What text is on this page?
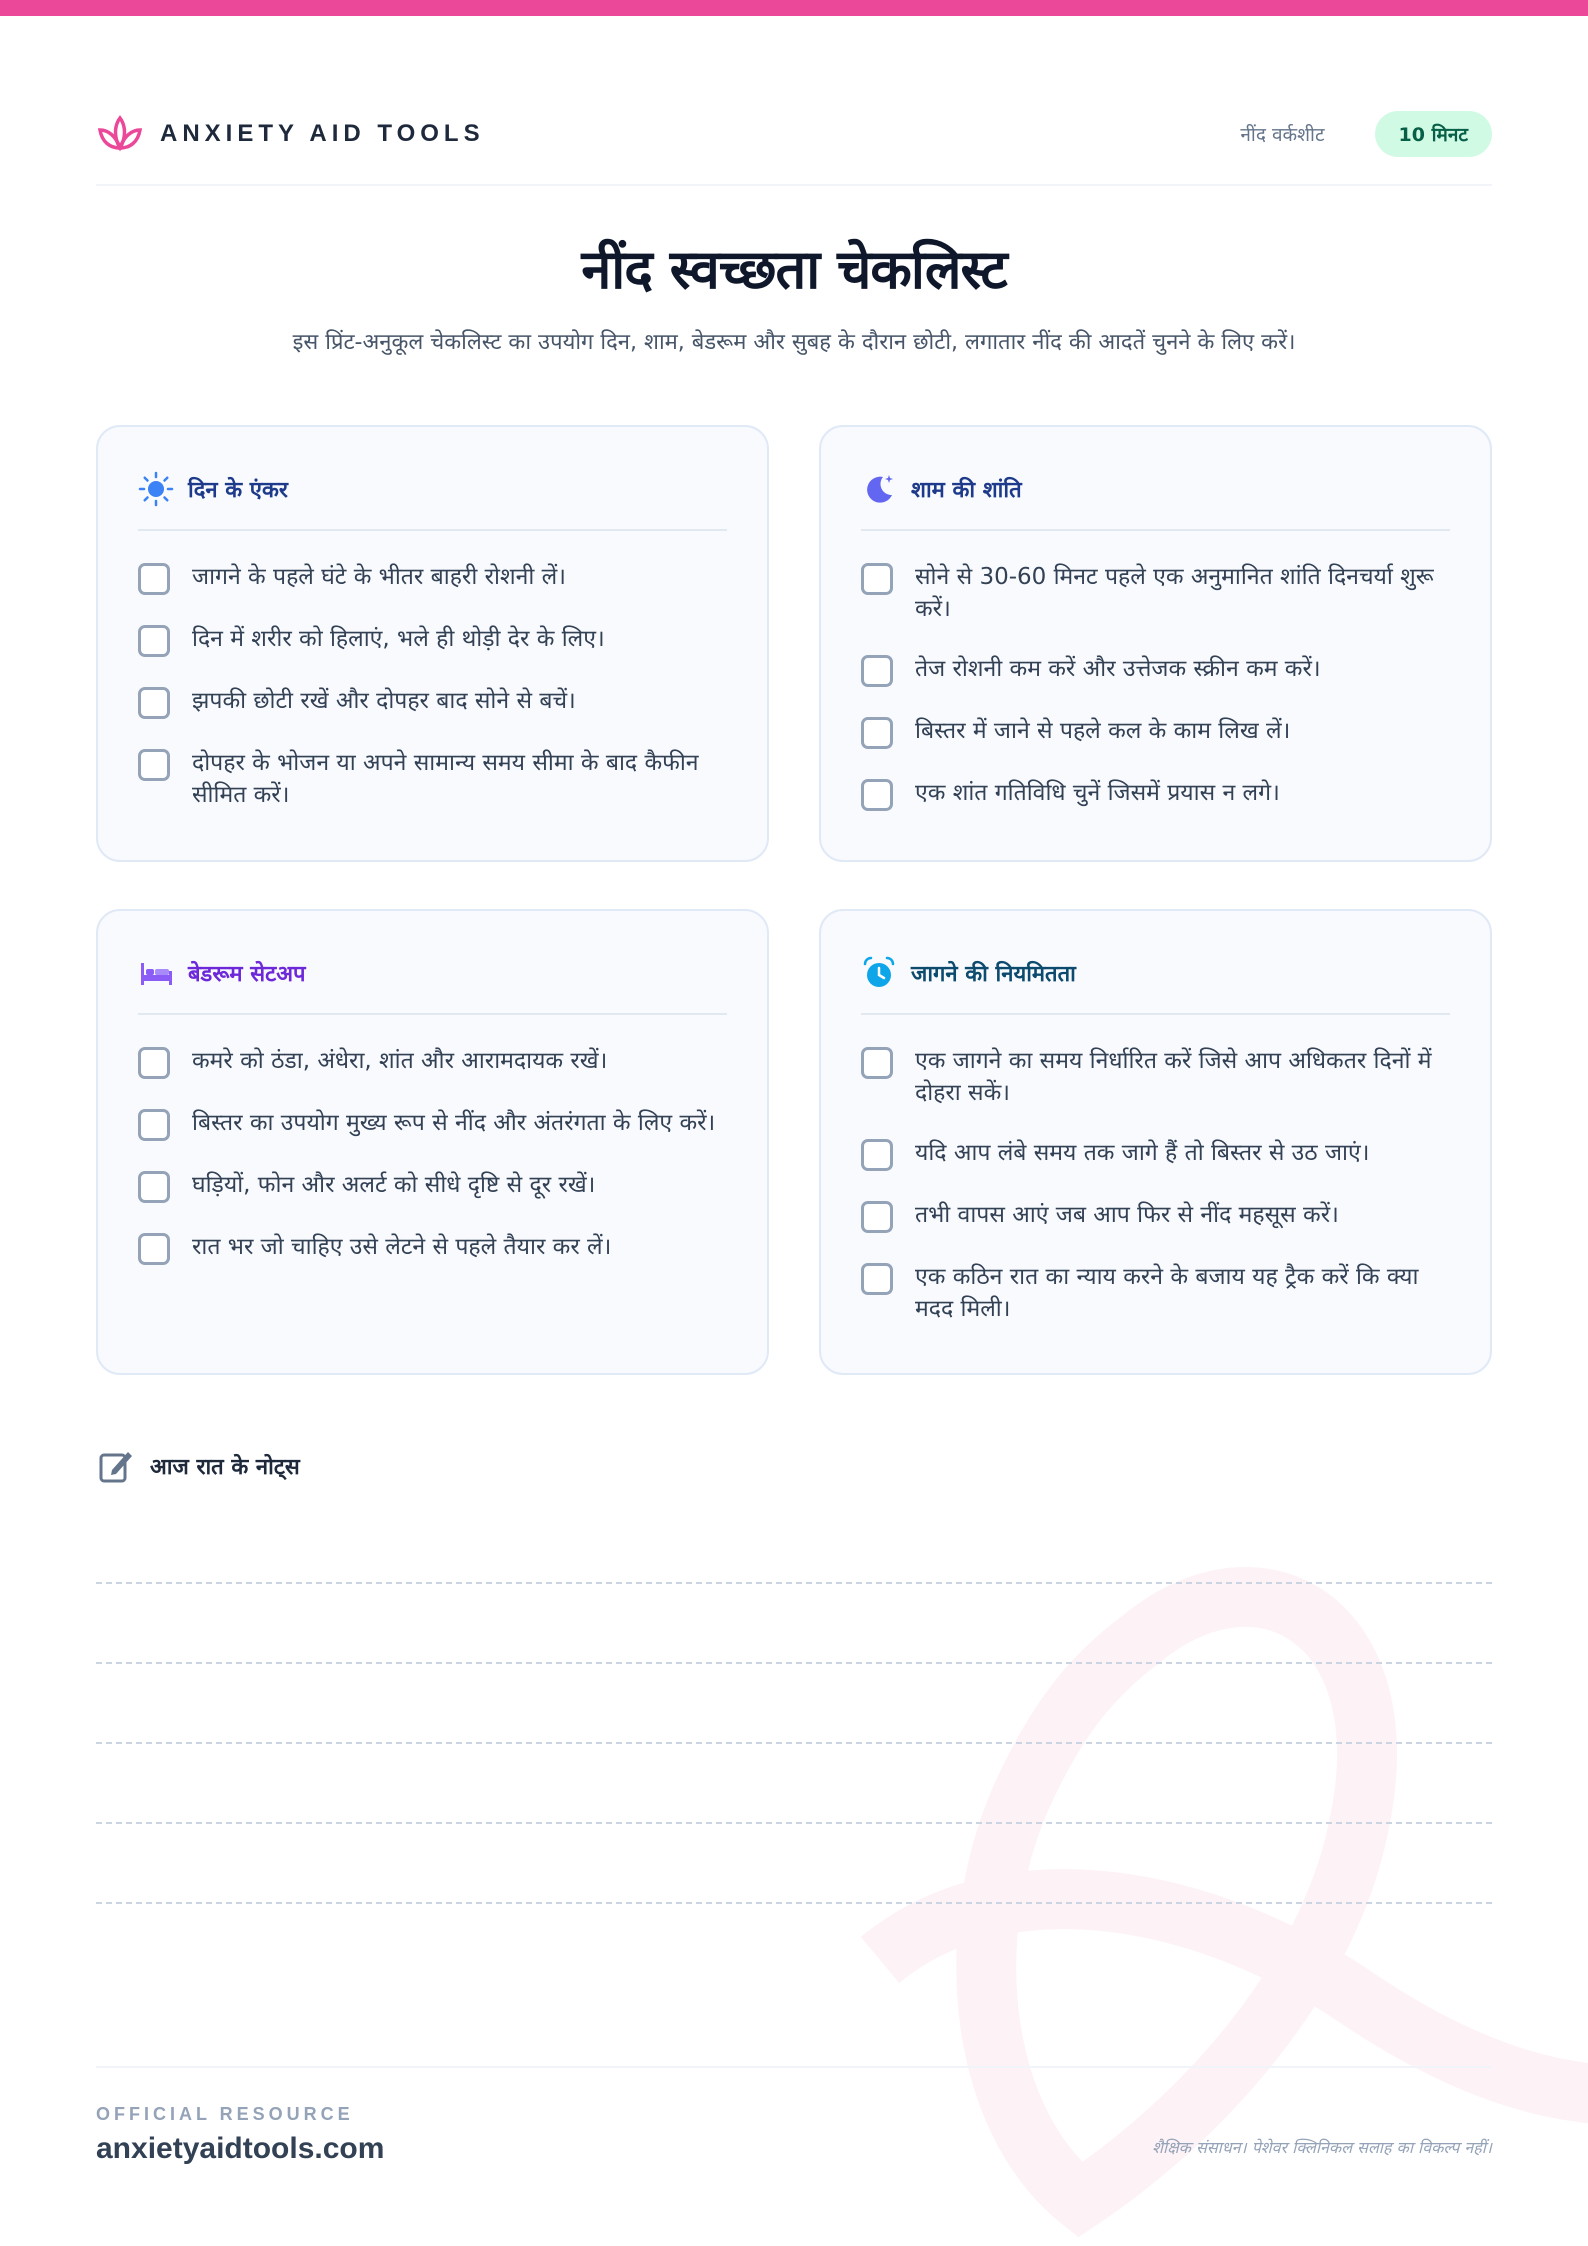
ANXIETY AID TOOLS	नींद वर्कशीट	10 मिनट
नींद स्वच्छता चेकलिस्ट

इस प्रिंट-अनुकूल चेकलिस्ट का उपयोग दिन, शाम, बेडरूम और सुबह के दौरान छोटी, लगातार नींद की आदतें चुनने के लिए करें।

दिन के एंकर
जागने के पहले घंटे के भीतर बाहरी रोशनी लें।
दिन में शरीर को हिलाएं, भले ही थोड़ी देर के लिए।
झपकी छोटी रखें और दोपहर बाद सोने से बचें।
दोपहर के भोजन या अपने सामान्य समय सीमा के बाद कैफीन सीमित करें।
शाम की शांति
सोने से 30-60 मिनट पहले एक अनुमानित शांति दिनचर्या शुरू करें।
तेज रोशनी कम करें और उत्तेजक स्क्रीन कम करें।
बिस्तर में जाने से पहले कल के काम लिख लें।
एक शांत गतिविधि चुनें जिसमें प्रयास न लगे।
बेडरूम सेटअप
कमरे को ठंडा, अंधेरा, शांत और आरामदायक रखें।
बिस्तर का उपयोग मुख्य रूप से नींद और अंतरंगता के लिए करें।
घड़ियों, फोन और अलर्ट को सीधे दृष्टि से दूर रखें।
रात भर जो चाहिए उसे लेटने से पहले तैयार कर लें।
जागने की नियमितता
एक जागने का समय निर्धारित करें जिसे आप अधिकतर दिनों में दोहरा सकें।
यदि आप लंबे समय तक जागे हैं तो बिस्तर से उठ जाएं।
तभी वापस आएं जब आप फिर से नींद महसूस करें।
एक कठिन रात का न्याय करने के बजाय यह ट्रैक करें कि क्या मदद मिली।
आज रात के नोट्स
OFFICIAL RESOURCE
anxietyaidtools.com	शैक्षिक संसाधन। पेशेवर क्लिनिकल सलाह का विकल्प नहीं।
